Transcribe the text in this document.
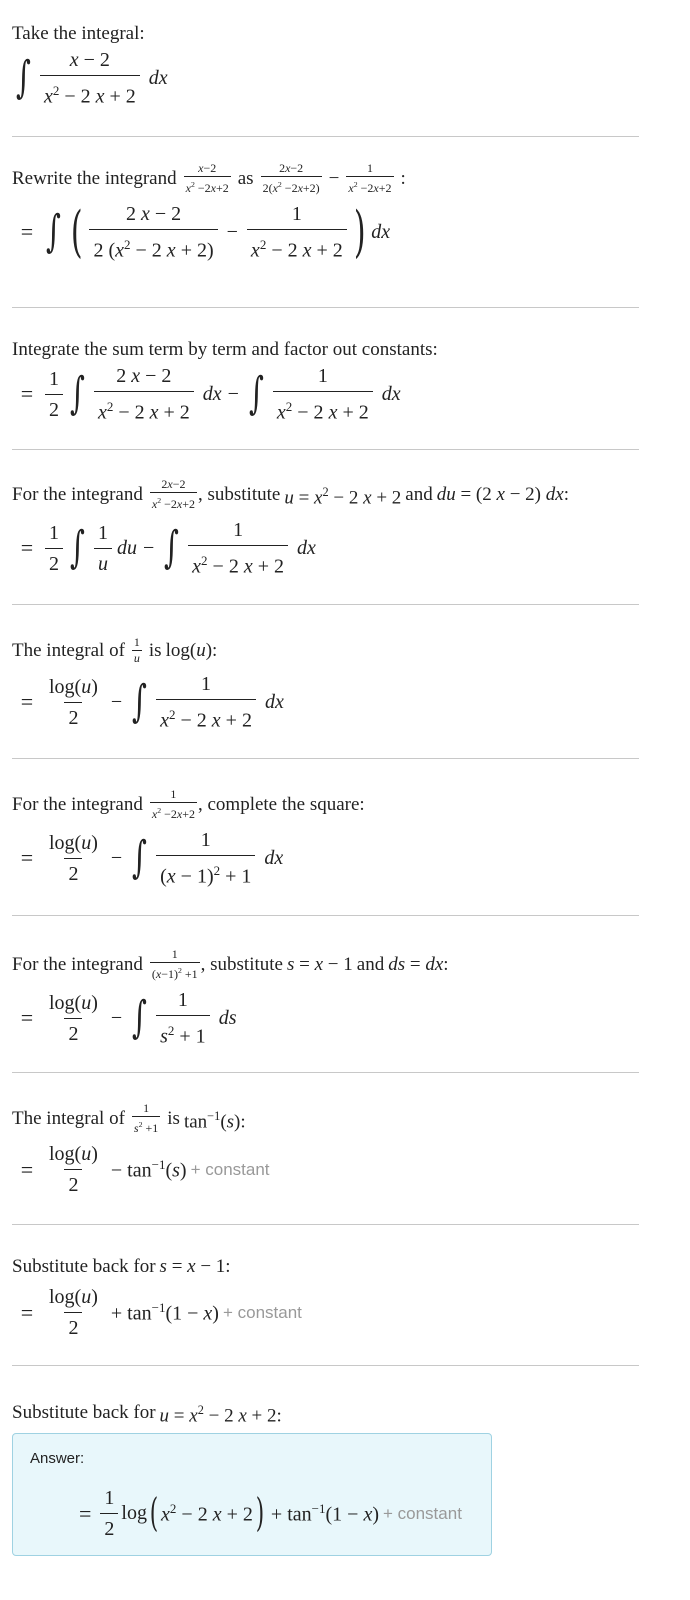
Take the integral:
∫ $\frac{x - 2}{x^2 - 2 x + 2}$ dx
Rewrite the integrand $\frac{x-2}{x^2 -2x+2}$ as $\frac{2x-2}{2(x^2 -2x+2)} - \frac{1}{x^2 -2x+2}$ :
= ∫ ( $\frac{2 x - 2}{2 (x^2 - 2 x + 2)} - \frac{1}{x^2 - 2 x + 2}$ ) dx
Integrate the sum term by term and factor out constants:
= $\frac{1}{2}$ ∫ $\frac{2 x - 2}{x^2 - 2 x + 2}$ dx − ∫ $\frac{1}{x^2 - 2 x + 2}$ dx
For the integrand $\frac{2x-2}{x^2 -2x+2}$ , substitute $u = x^2 - 2$ x + 2 and du = (2 x − 2) dx:
= $\frac{1}{2}$ ∫ $\frac{1}{u}$ du − ∫ $\frac{1}{x^2 - 2 x + 2}$ dx
The integral of $\frac{1}{u}$ is log(u):
= $\frac{\log(u)}{2}$ − ∫ $\frac{1}{x^2 - 2 x + 2}$ dx
For the integrand $\frac{1}{x^2 -2x+2}$ , complete the square:
= $\frac{\log(u)}{2}$ − ∫ $\frac{1}{(x - 1)^2 + 1}$ dx
For the integrand $\frac{1}{(x-1)^2 +1}$ , substitute s = x − 1 and ds = dx:
= $\frac{\log(u)}{2}$ − ∫ $\frac{1}{s^2 + 1}$ ds
The integral of $\frac{1}{s^2 +1}$ is $\tan^{-1}(s)$:
= $\frac{\log(u)}{2} - \tan^{-1}(s)$ + constant
Substitute back for s = x − 1:
= $\frac{\log(u)}{2} + \tan^{-1}(1 - x)$ + constant
Substitute back for $u = x^2 - 2$ x + 2:
Answer:
= $\frac{1}{2}$ log ( $x^2 - 2$ x + 2 ) + $\tan^{-1}(1 - x)$ + constant
